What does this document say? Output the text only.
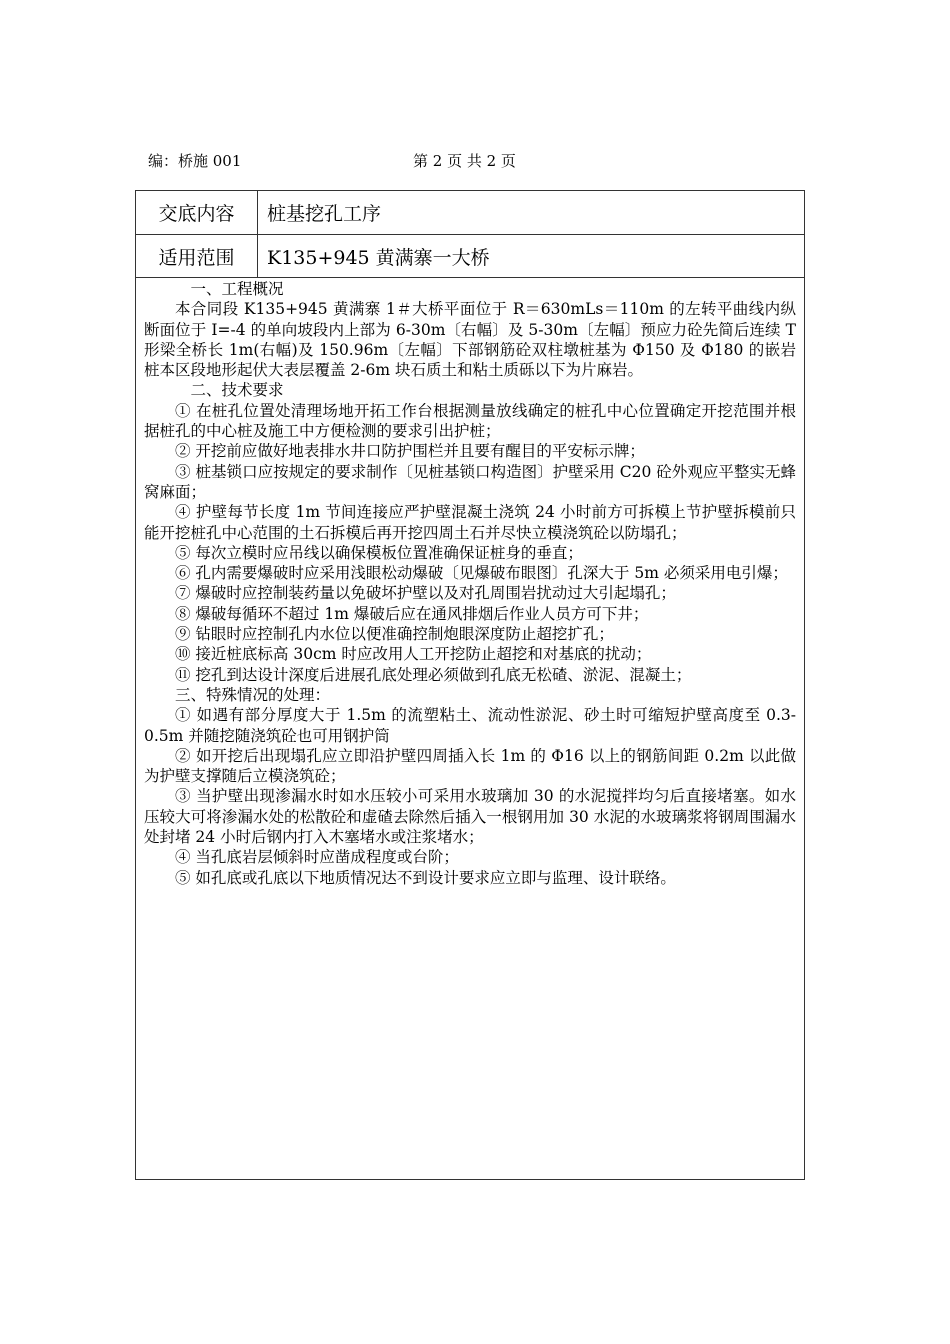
编：桥施 001	第 2 页 共 2 页
交底内容	桩基挖孔工序
适用范围	K135+945 黄满寨一大桥

一、工程概况

本合同段 K135+945 黄满寨 1＃大桥平面位于 R＝630mLs＝110m 的左转平曲线内纵断面位于 I=-4 的单向坡段内上部为 6-30m〔右幅〕及 5-30m〔左幅〕预应力砼先简后连续 T 形梁全桥长 1m(右幅)及 150.96m〔左幅〕下部钢筋砼双柱墩桩基为 Φ150 及 Φ180 的嵌岩桩本区段地形起伏大表层覆盖 2-6m 块石质土和粘土质砾以下为片麻岩。

二、技术要求

① 在桩孔位置处清理场地开拓工作台根据测量放线确定的桩孔中心位置确定开挖范围并根据桩孔的中心桩及施工中方便检测的要求引出护桩；

② 开挖前应做好地表排水井口防护围栏并且要有醒目的平安标示牌；

③ 桩基锁口应按规定的要求制作〔见桩基锁口构造图〕护壁采用 C20 砼外观应平整实无蜂窝麻面；

④ 护壁每节长度 1m 节间连接应严护壁混凝土浇筑 24 小时前方可拆模上节护壁拆模前只能开挖桩孔中心范围的土石拆模后再开挖四周土石并尽快立模浇筑砼以防塌孔；

⑤ 每次立模时应吊线以确保模板位置准确保证桩身的垂直；

⑥ 孔内需要爆破时应采用浅眼松动爆破〔见爆破布眼图〕孔深大于 5m 必须采用电引爆；

⑦ 爆破时应控制装药量以免破坏护壁以及对孔周围岩扰动过大引起塌孔；

⑧ 爆破每循环不超过 1m 爆破后应在通风排烟后作业人员方可下井；

⑨ 钻眼时应控制孔内水位以便准确控制炮眼深度防止超挖扩孔；

⑩ 接近桩底标高 30cm 时应改用人工开挖防止超挖和对基底的扰动；

⑪ 挖孔到达设计深度后进展孔底处理必须做到孔底无松碴、淤泥、混凝土；

三、特殊情况的处理：

① 如遇有部分厚度大于 1.5m 的流塑粘土、流动性淤泥、砂土时可缩短护壁高度至 0.3-0.5m 并随挖随浇筑砼也可用钢护筒

② 如开挖后出现塌孔应立即沿护壁四周插入长 1m 的 Φ16 以上的钢筋间距 0.2m 以此做为护壁支撑随后立模浇筑砼；

③ 当护壁出现渗漏水时如水压较小可采用水玻璃加 30 的水泥搅拌均匀后直接堵塞。如水压较大可将渗漏水处的松散砼和虚碴去除然后插入一根钢用加 30 水泥的水玻璃浆将钢周围漏水处封堵 24 小时后钢内打入木塞堵水或注浆堵水；

④ 当孔底岩层倾斜时应凿成程度或台阶；

⑤ 如孔底或孔底以下地质情况达不到设计要求应立即与监理、设计联络。
